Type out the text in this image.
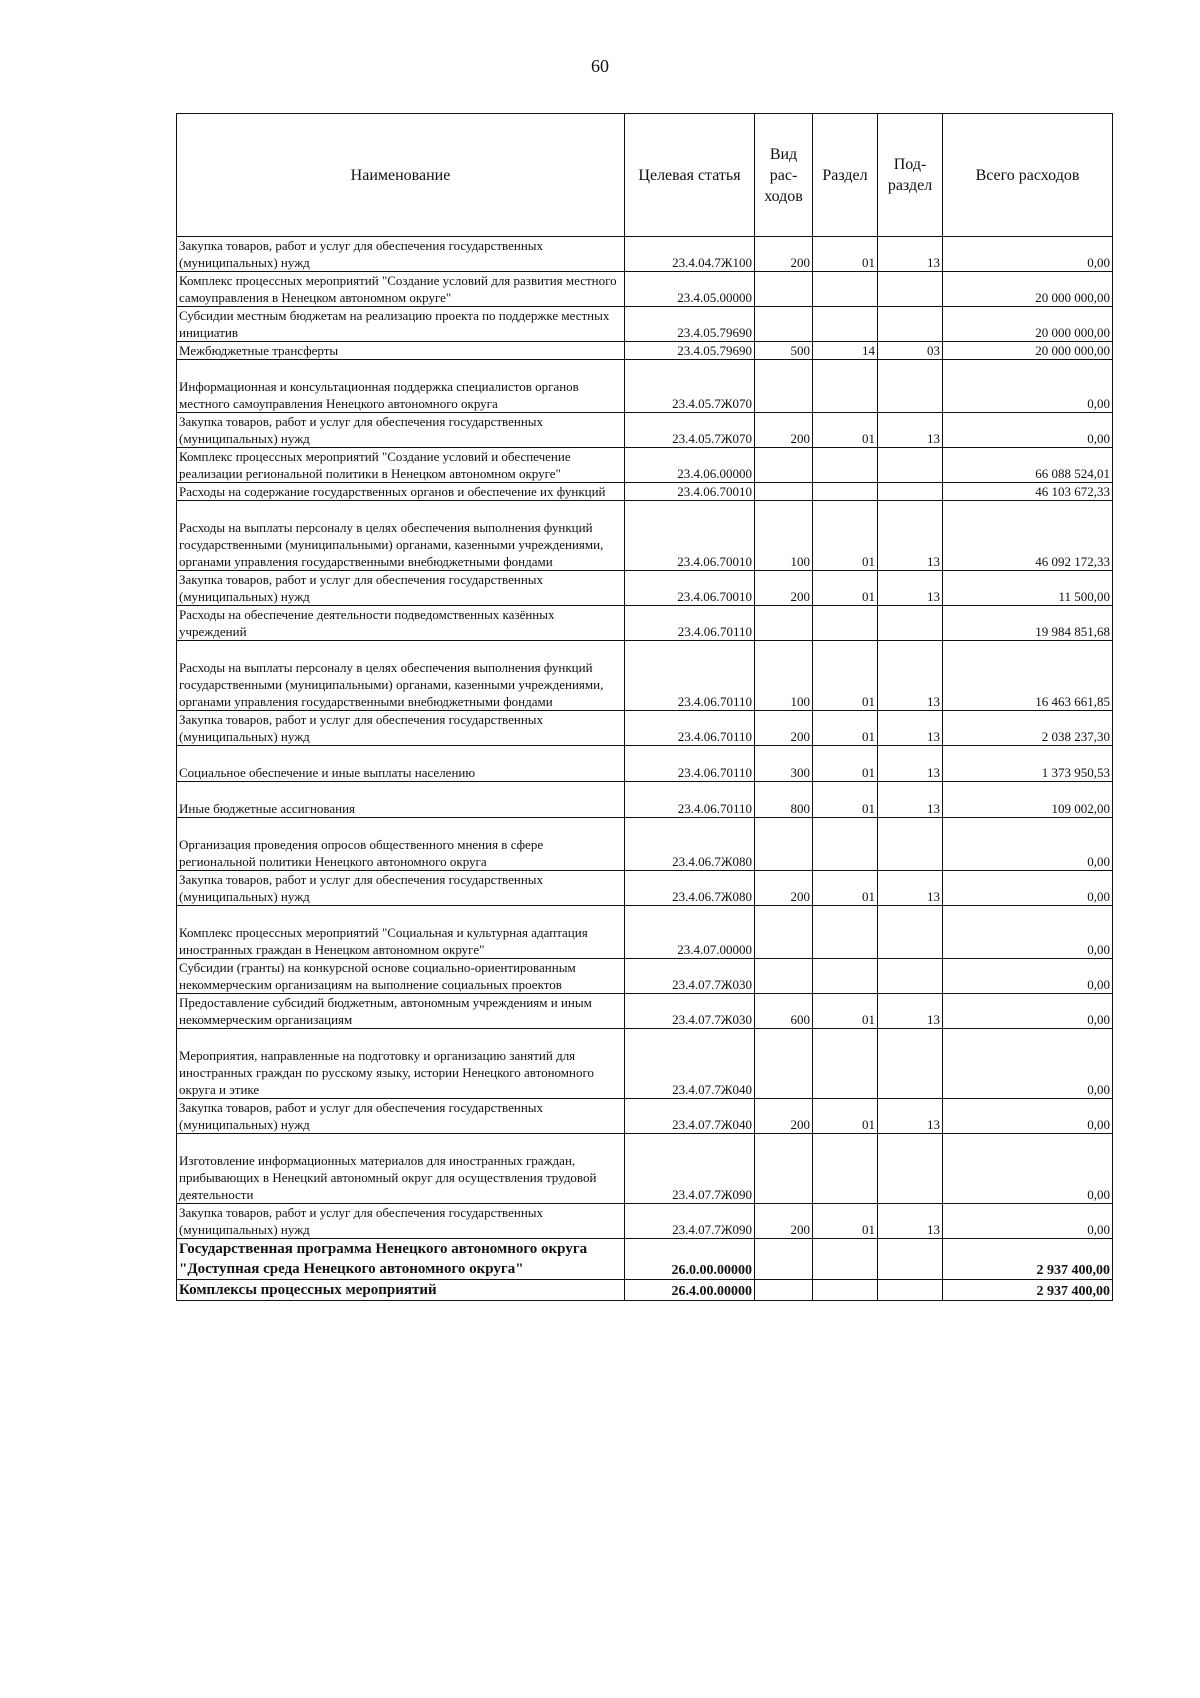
60
Наименование	Целевая статья	Вид
рас-
ходов	Раздел	Под-
раздел	Всего расходов
Закупка товаров, работ и услуг для обеспечения государственных (муниципальных) нужд	23.4.04.7Ж100	200	01	13	0,00
Комплекс процессных мероприятий "Создание условий для развития местного самоуправления в Ненецком автономном округе"	23.4.05.00000				20 000 000,00
Субсидии местным бюджетам на реализацию проекта по поддержке местных инициатив	23.4.05.79690				20 000 000,00
Межбюджетные трансферты	23.4.05.79690	500	14	03	20 000 000,00
Информационная и консультационная поддержка специалистов органов местного самоуправления Ненецкого автономного округа	23.4.05.7Ж070				0,00
Закупка товаров, работ и услуг для обеспечения государственных (муниципальных) нужд	23.4.05.7Ж070	200	01	13	0,00
Комплекс процессных мероприятий "Создание условий и обеспечение реализации региональной политики в Ненецком автономном округе"	23.4.06.00000				66 088 524,01
Расходы на содержание государственных органов и обеспечение их функций	23.4.06.70010				46 103 672,33
Расходы на выплаты персоналу в целях обеспечения выполнения функций государственными (муниципальными) органами, казенными учреждениями, органами управления государственными внебюджетными фондами	23.4.06.70010	100	01	13	46 092 172,33
Закупка товаров, работ и услуг для обеспечения государственных (муниципальных) нужд	23.4.06.70010	200	01	13	11 500,00
Расходы на обеспечение деятельности подведомственных казённых учреждений	23.4.06.70110				19 984 851,68
Расходы на выплаты персоналу в целях обеспечения выполнения функций государственными (муниципальными) органами, казенными учреждениями, органами управления государственными внебюджетными фондами	23.4.06.70110	100	01	13	16 463 661,85
Закупка товаров, работ и услуг для обеспечения государственных (муниципальных) нужд	23.4.06.70110	200	01	13	2 038 237,30
Социальное обеспечение и иные выплаты населению	23.4.06.70110	300	01	13	1 373 950,53
Иные бюджетные ассигнования	23.4.06.70110	800	01	13	109 002,00
Организация проведения опросов общественного мнения в сфере региональной политики Ненецкого автономного округа	23.4.06.7Ж080				0,00
Закупка товаров, работ и услуг для обеспечения государственных (муниципальных) нужд	23.4.06.7Ж080	200	01	13	0,00
Комплекс процессных мероприятий "Социальная и культурная адаптация иностранных граждан в Ненецком автономном округе"	23.4.07.00000				0,00
Субсидии (гранты) на конкурсной основе социально-ориентированным некоммерческим организациям на выполнение социальных проектов	23.4.07.7Ж030				0,00
Предоставление субсидий бюджетным, автономным учреждениям и иным некоммерческим организациям	23.4.07.7Ж030	600	01	13	0,00
Мероприятия, направленные на подготовку и организацию занятий для иностранных граждан по русскому языку, истории Ненецкого автономного округа и этике	23.4.07.7Ж040				0,00
Закупка товаров, работ и услуг для обеспечения государственных (муниципальных) нужд	23.4.07.7Ж040	200	01	13	0,00
Изготовление информационных материалов для иностранных граждан, прибывающих в Ненецкий автономный округ для осуществления трудовой деятельности	23.4.07.7Ж090				0,00
Закупка товаров, работ и услуг для обеспечения государственных (муниципальных) нужд	23.4.07.7Ж090	200	01	13	0,00
Государственная программа Ненецкого автономного округа "Доступная среда Ненецкого автономного округа"	26.0.00.00000				2 937 400,00
Комплексы процессных мероприятий	26.4.00.00000				2 937 400,00
